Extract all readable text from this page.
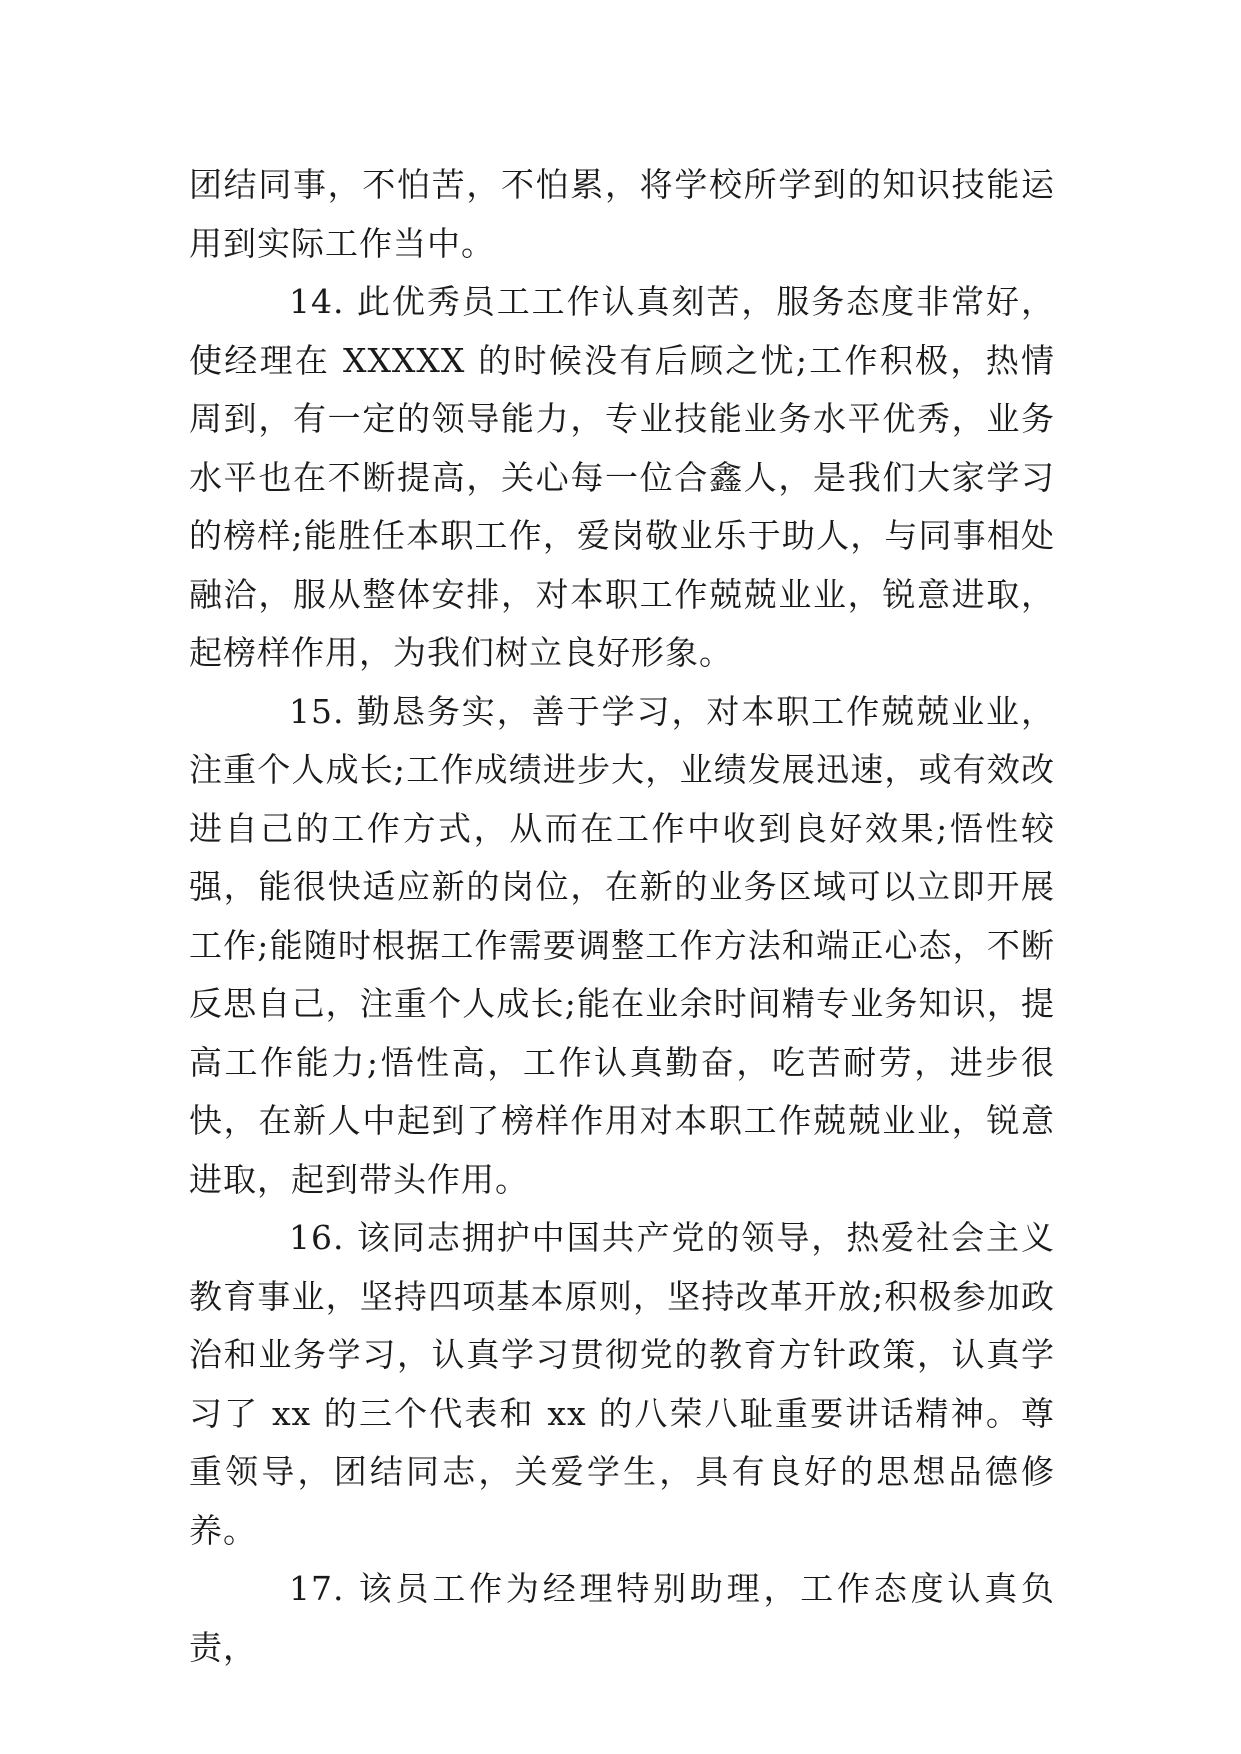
团结同事，不怕苦，不怕累，将学校所学到的知识技能运用到实际工作当中。

14. 此优秀员工工作认真刻苦，服务态度非常好，使经理在 XXXXX 的时候没有后顾之忧;工作积极，热情周到，有一定的领导能力，专业技能业务水平优秀，业务水平也在不断提高，关心每一位合鑫人，是我们大家学习的榜样;能胜任本职工作，爱岗敬业乐于助人，与同事相处融洽，服从整体安排，对本职工作兢兢业业，锐意进取，起榜样作用，为我们树立良好形象。

15. 勤恳务实，善于学习，对本职工作兢兢业业，注重个人成长;工作成绩进步大，业绩发展迅速，或有效改进自己的工作方式，从而在工作中收到良好效果;悟性较强，能很快适应新的岗位，在新的业务区域可以立即开展工作;能随时根据工作需要调整工作方法和端正心态，不断反思自己，注重个人成长;能在业余时间精专业务知识，提高工作能力;悟性高，工作认真勤奋，吃苦耐劳，进步很快，在新人中起到了榜样作用对本职工作兢兢业业，锐意进取，起到带头作用。

16. 该同志拥护中国共产党的领导，热爱社会主义教育事业，坚持四项基本原则，坚持改革开放;积极参加政治和业务学习，认真学习贯彻党的教育方针政策，认真学习了 xx 的三个代表和 xx 的八荣八耻重要讲话精神。尊重领导，团结同志，关爱学生，具有良好的思想品德修养。

17. 该员工作为经理特别助理，工作态度认真负责，
